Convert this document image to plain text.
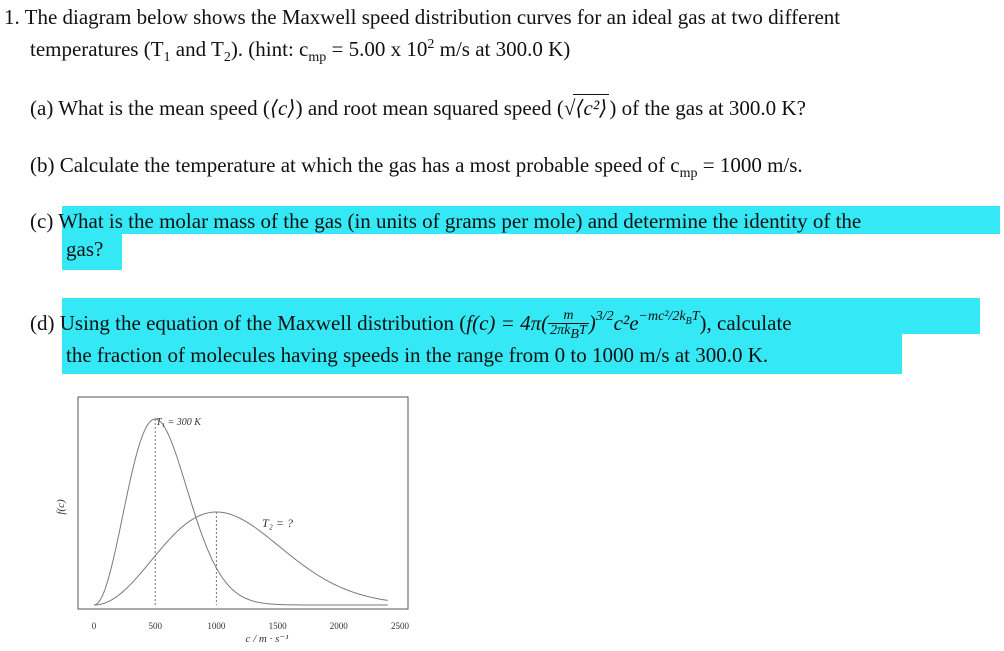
1. The diagram below shows the Maxwell speed distribution curves for an ideal gas at two different
temperatures ($T_1$ and $T_2$). (hint: $c_{mp} = 5.00$ x $10^2$ m/s at 300.0 K)
(a) What is the mean speed (⟨c⟩) and root mean squared speed (√⟨c²⟩) of the gas at 300.0 K?
(b) Calculate the temperature at which the gas has a most probable speed of $c_{mp} = 1000$ m/s.
(c) What is the molar mass of the gas (in units of grams per mole) and determine the identity of the
gas?
(d) Using the equation of the Maxwell distribution $(f(c) = 4\pi( \frac{m}{2\pi k_BT} )^{3/2}c^2e^{-mc^2/2k_BT})$, calculate
the fraction of molecules having speeds in the range from 0 to 1000 m/s at 300.0 K.
0	500	1000	1500	2000	2500
f(c)
c / m · s⁻¹
T₁ = 300 K
T₂ = ?
